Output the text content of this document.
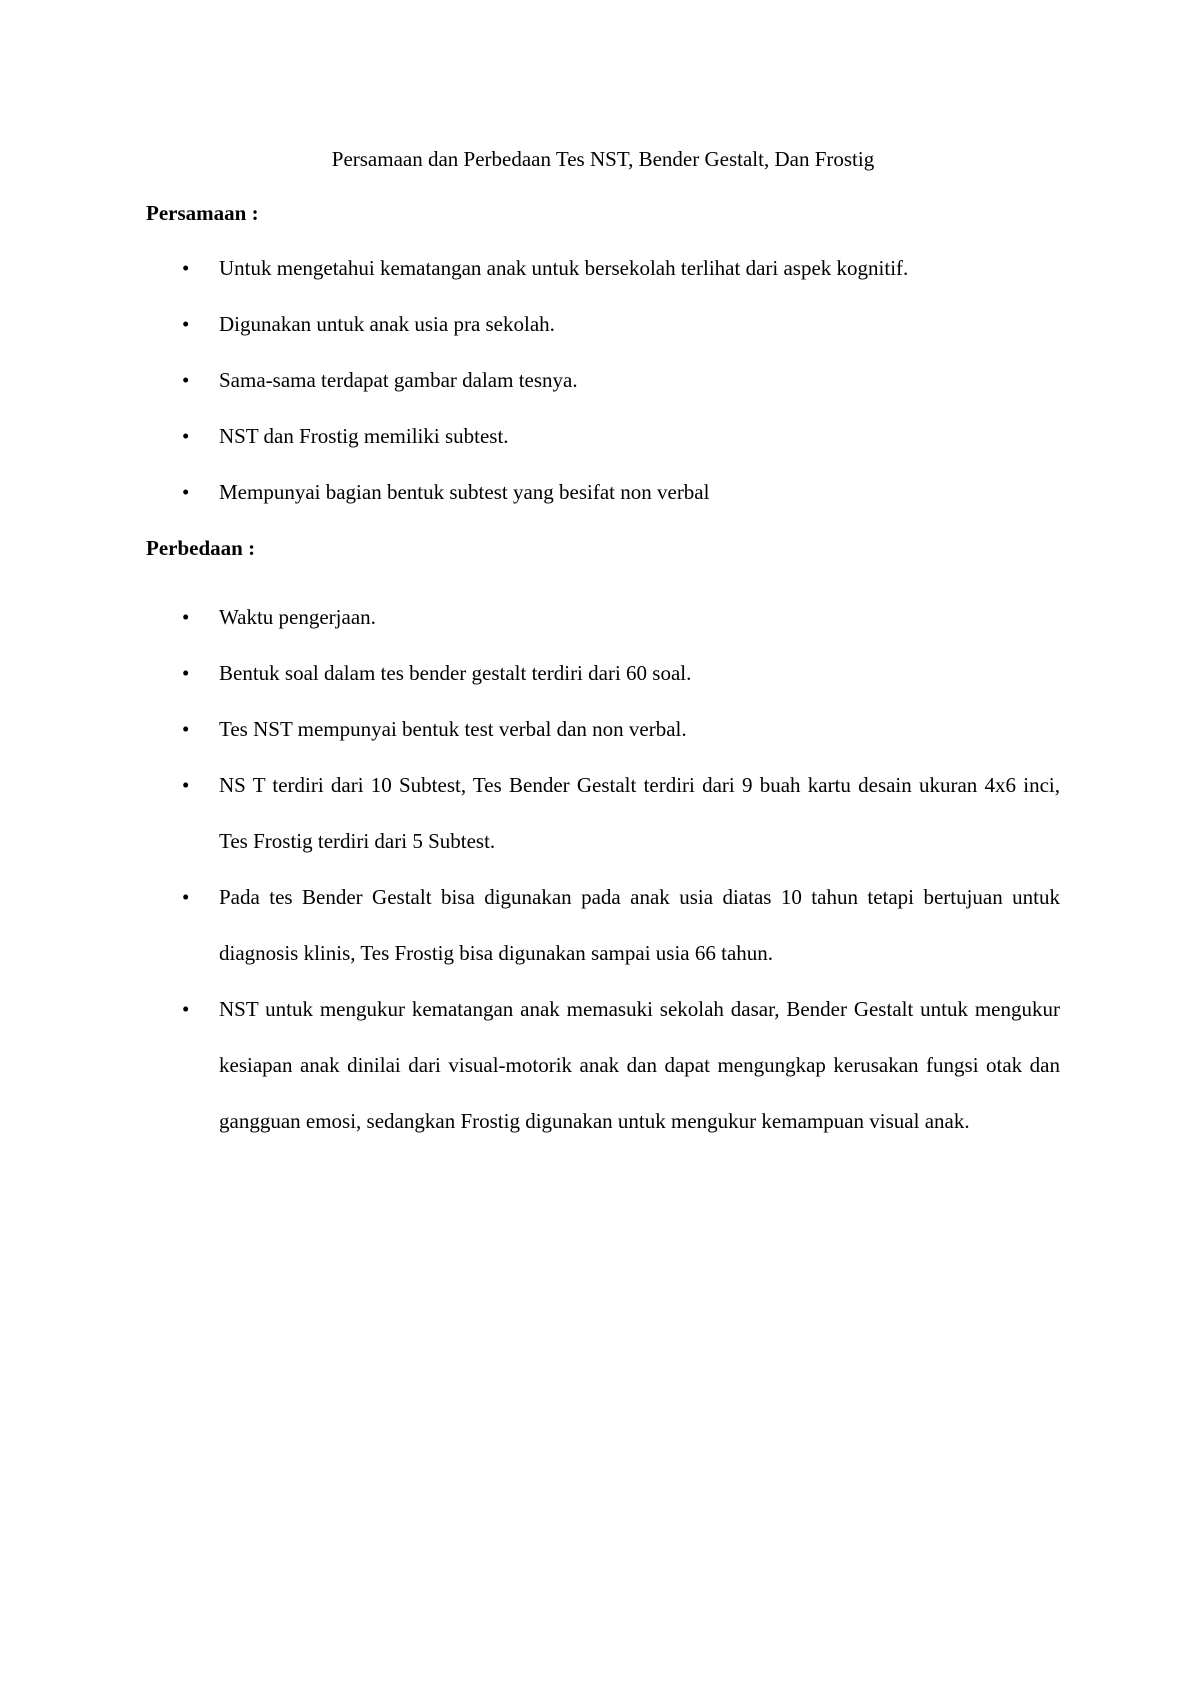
Persamaan dan Perbedaan Tes NST, Bender Gestalt, Dan Frostig
Persamaan :
•	Untuk mengetahui kematangan anak untuk bersekolah terlihat dari aspek kognitif.
•	Digunakan untuk anak usia pra sekolah.
•	Sama-sama terdapat gambar dalam tesnya.
•	NST dan Frostig memiliki subtest.
•	Mempunyai bagian bentuk subtest yang besifat non verbal
Perbedaan :
•	Waktu pengerjaan.
•	Bentuk soal dalam tes bender gestalt terdiri dari 60 soal.
•	Tes NST mempunyai bentuk test verbal dan non verbal.
•	NS T terdiri dari 10 Subtest, Tes Bender Gestalt terdiri dari 9 buah kartu desain ukuran 4x6 inci, Tes Frostig terdiri dari 5 Subtest.
•	Pada tes Bender Gestalt bisa digunakan pada anak usia diatas 10 tahun tetapi bertujuan untuk diagnosis klinis, Tes Frostig bisa digunakan sampai usia 66 tahun.
•	NST untuk mengukur kematangan anak memasuki sekolah dasar, Bender Gestalt untuk mengukur kesiapan anak dinilai dari visual-motorik anak dan dapat mengungkap kerusakan fungsi otak dan gangguan emosi, sedangkan Frostig digunakan untuk mengukur kemampuan visual anak.
